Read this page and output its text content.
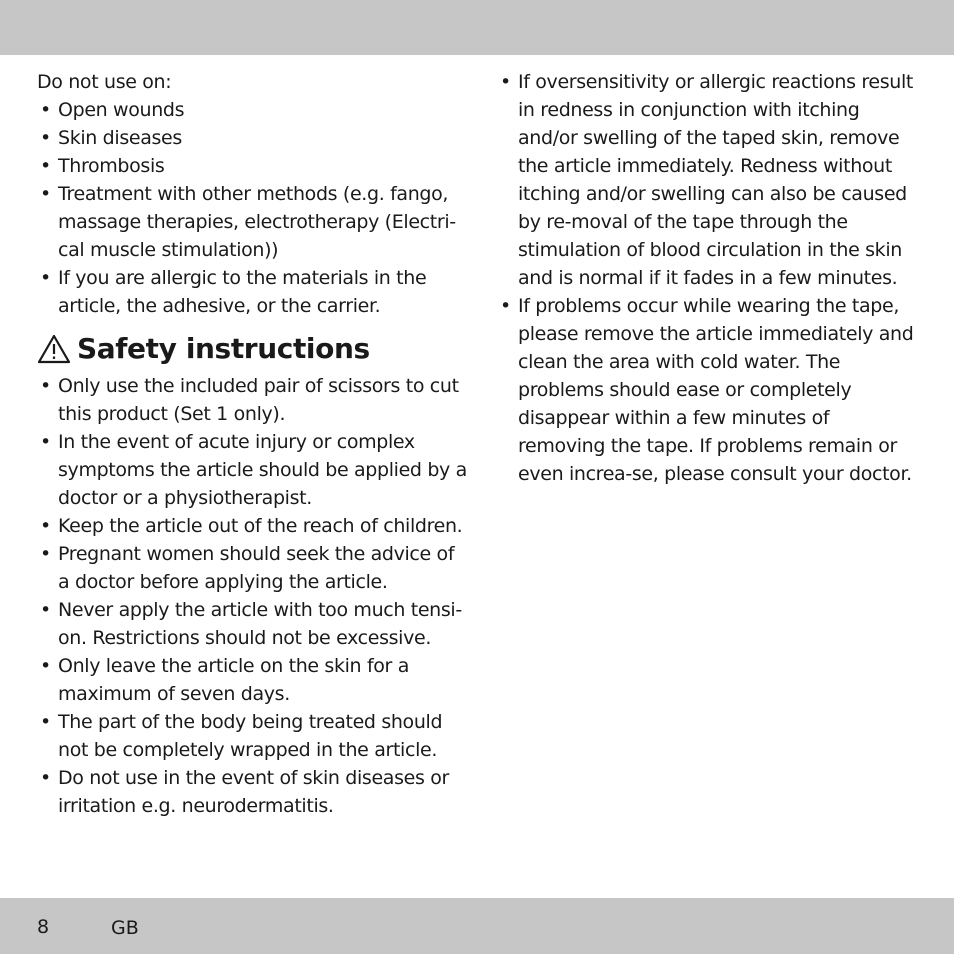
Do not use on:

• Open wounds
• Skin diseases
• Thrombosis
• Treatment with other methods (e.g. fango, massage therapies, electrotherapy (Electri-cal muscle stimulation))
• If you are allergic to the materials in the article, the adhesive, or the carrier.
Safety instructions
• Only use the included pair of scissors to cut this product (Set 1 only).
• In the event of acute injury or complex symptoms the article should be applied by a doctor or a physiotherapist.
• Keep the article out of the reach of children.
• Pregnant women should seek the advice of a doctor before applying the article.
• Never apply the article with too much tensi-on. Restrictions should not be excessive.
• Only leave the article on the skin for a maximum of seven days.
• The part of the body being treated should not be completely wrapped in the article.
• Do not use in the event of skin diseases or irritation e.g. neurodermatitis.
• If oversensitivity or allergic reactions result in redness in conjunction with itching and/or swelling of the taped skin, remove the article immediately. Redness without itching and/or swelling can also be caused by re-moval of the tape through the stimulation of blood circulation in the skin and is normal if it fades in a few minutes.
• If problems occur while wearing the tape, please remove the article immediately and clean the area with cold water. The problems should ease or completely disappear within a few minutes of removing the tape. If problems remain or even increa-se, please consult your doctor.
8	GB
